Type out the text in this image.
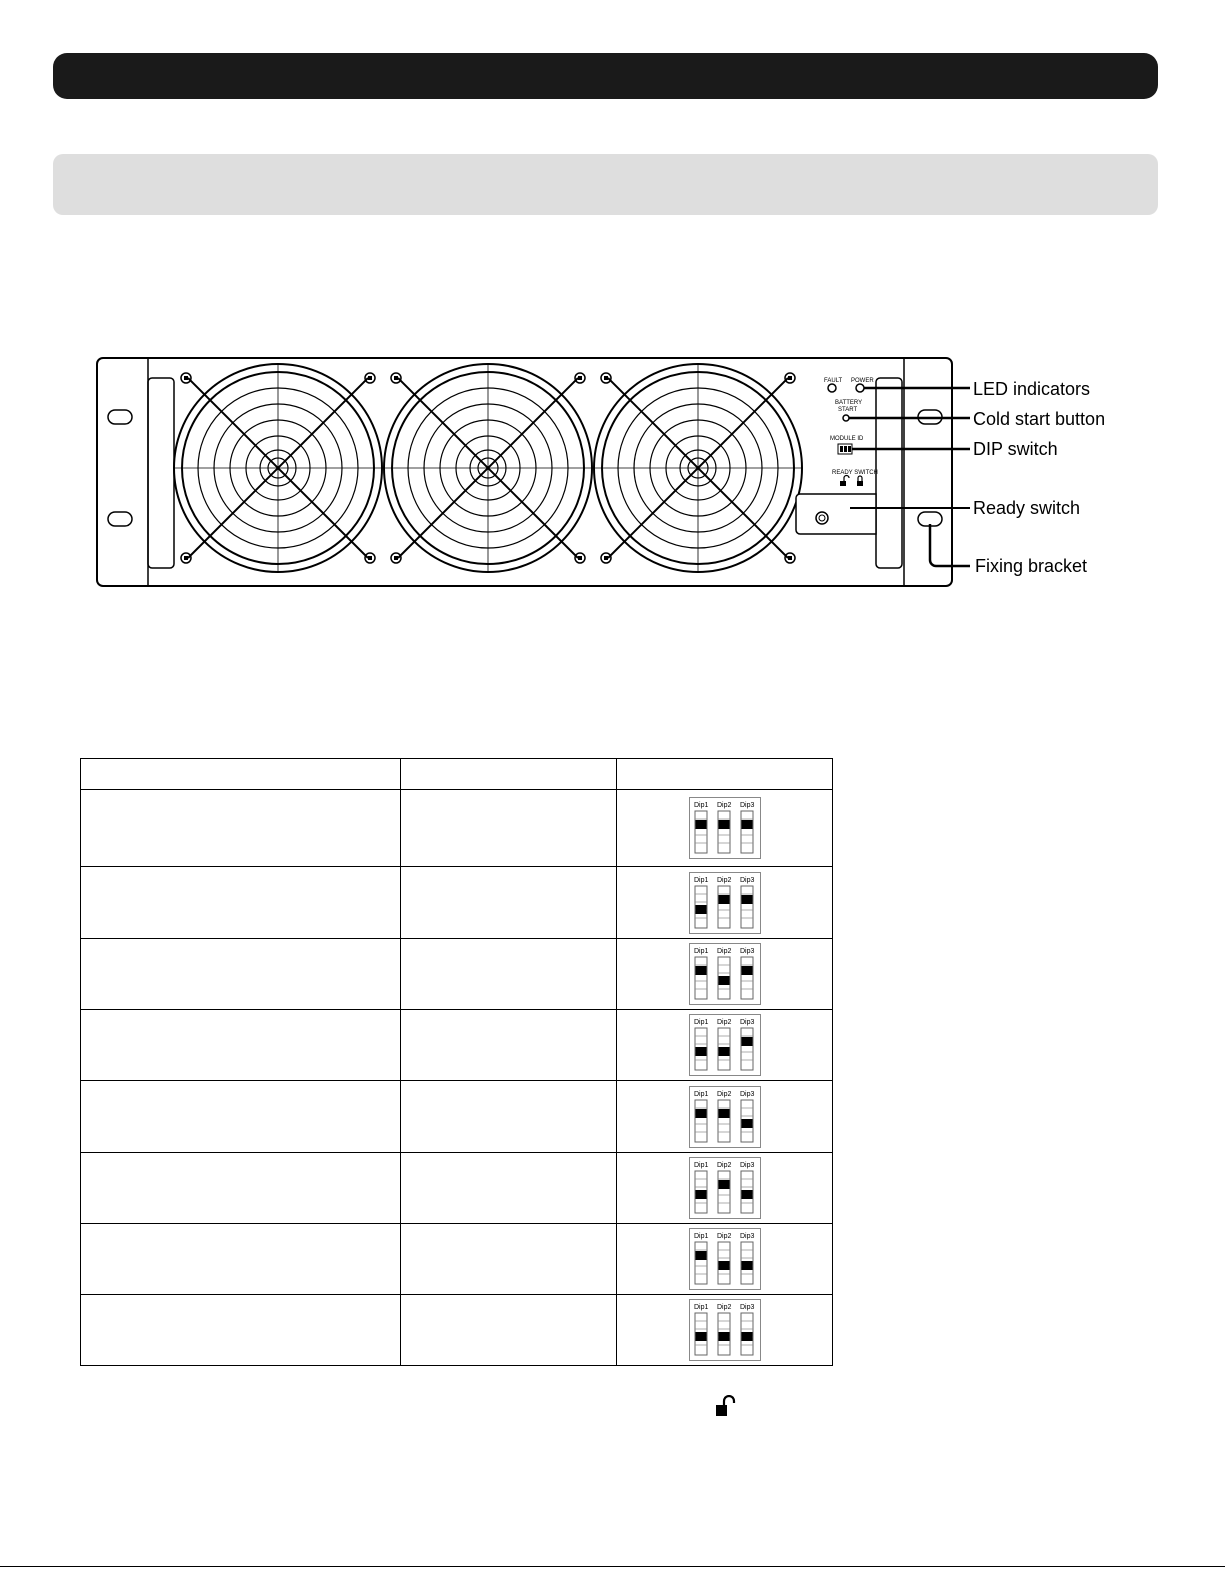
FAULT POWER
BATTERY
START
MODULE ID
READY SWITCH
LED indicators
Cold start button
DIP switch
Ready switch
Fixing bracket

Dip1 Dip2 Dip3

Dip1 Dip2 Dip3

Dip1 Dip2 Dip3

Dip1 Dip2 Dip3

Dip1 Dip2 Dip3

Dip1 Dip2 Dip3

Dip1 Dip2 Dip3

Dip1 Dip2 Dip3
